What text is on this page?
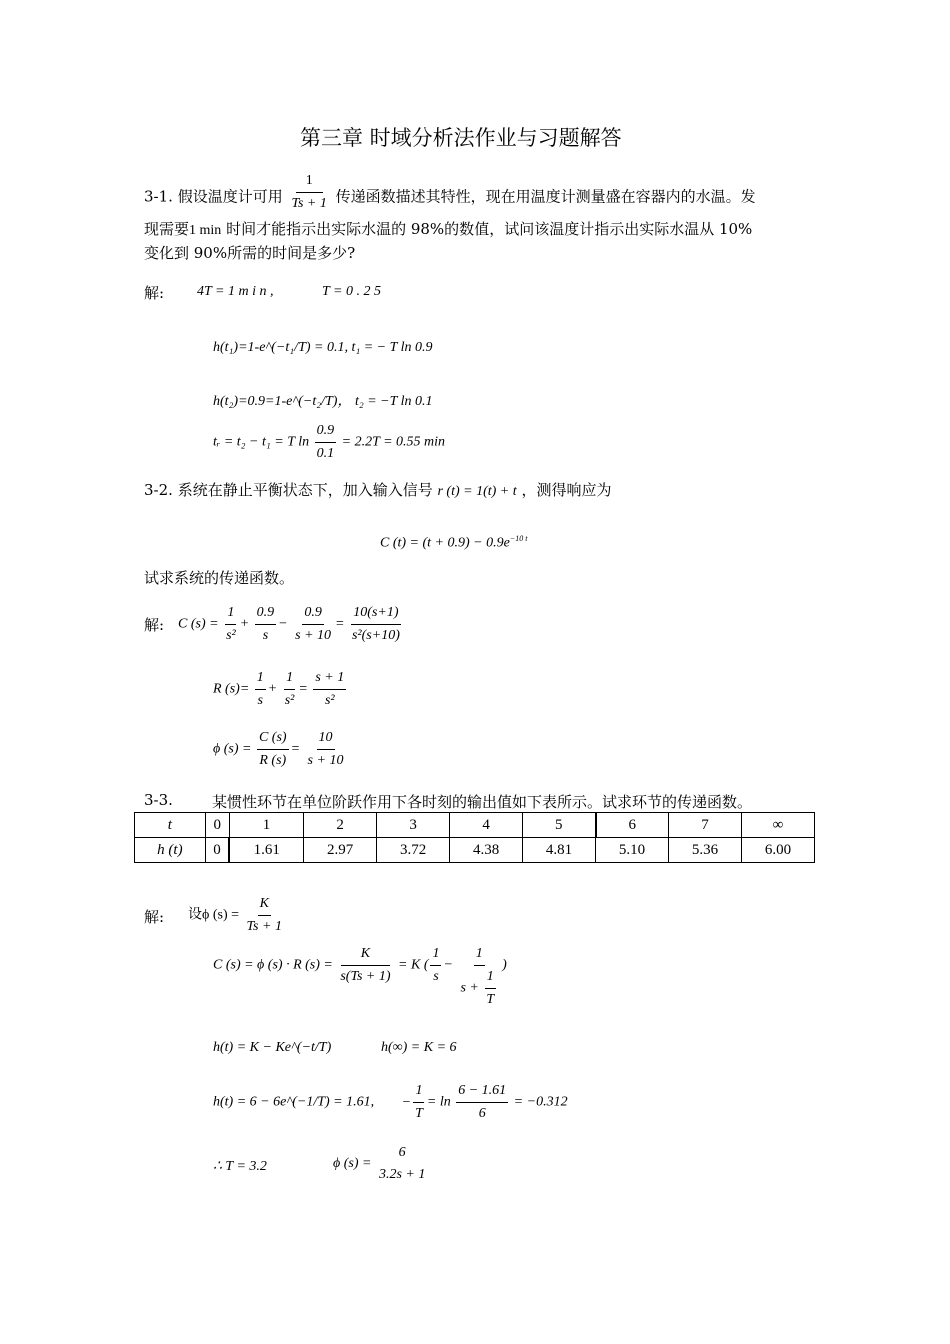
第三章 时域分析法作业与习题解答
3-1. 假设温度计可用 $\frac{1}{Ts + 1}$ 传递函数描述其特性，现在用温度计测量盛在容器内的水温。发
现需要1 min 时间才能指示出实际水温的 98%的数值，试问该温度计指示出实际水温从 10%
变化到 90%所需的时间是多少?
解: 4T = 1 m i n ,	T = 0 . 2 5
h(t₁)=1-e^(−t₁/T) = 0.1, t₁ = − T ln 0.9
h(t₂)=0.9=1-e^(−t₂/T)， t₂ = −T ln 0.1
tᵣ = t₂ − t₁ = T $\ln \frac{0.9}{0.1} = 2.2T = 0.55$ min
3-2. 系统在静止平衡状态下，加入输入信号 r (t) = 1(t) + t ，测得响应为
C $(t) = (t + 0.9) - 0.9e^{-10 t}$
试求系统的传递函数。
解: C $(s) = \frac{1}{\text{s²}} + \frac{0.9}{s} - \frac{0.9}{s + 10} = \frac{10(s+1)}{\text{s²(s+10)}}$
R $(s)= \frac{1}{s} + \frac{1}{\text{s²}} = \frac{s + 1}{\text{s²}}$
ϕ $(s) = \frac{C (s)}{R (s)} = \frac{10}{s + 10}$
3-3.	某惯性环节在单位阶跃作用下各时刻的输出值如下表所示。试求环节的传递函数。
t	0	1	2	3	4	5	6	7	∞
h (t)	0	1.61	2.97	3.72	4.38	4.81	5.10	5.36	6.00
解: 设ϕ $(s) = \frac{K}{Ts + 1}$
C (s) = ϕ (s) · R $(s) = \frac{K}{s(Ts + 1)} = K$ ( $\frac{1}{s} - \frac{1}{s + \frac{1}{T}}$ )
h(t) = K − Ke^(−t/T)	h(∞) = K = 6
h(t) = 6 − 6e^(−1/T) = 1.61, − $\frac{1}{T} = \ln \frac{6 - 1.61}{6} = -0.312$
∴ T = 3.2	ϕ (s) =
6
3.2s + 1
